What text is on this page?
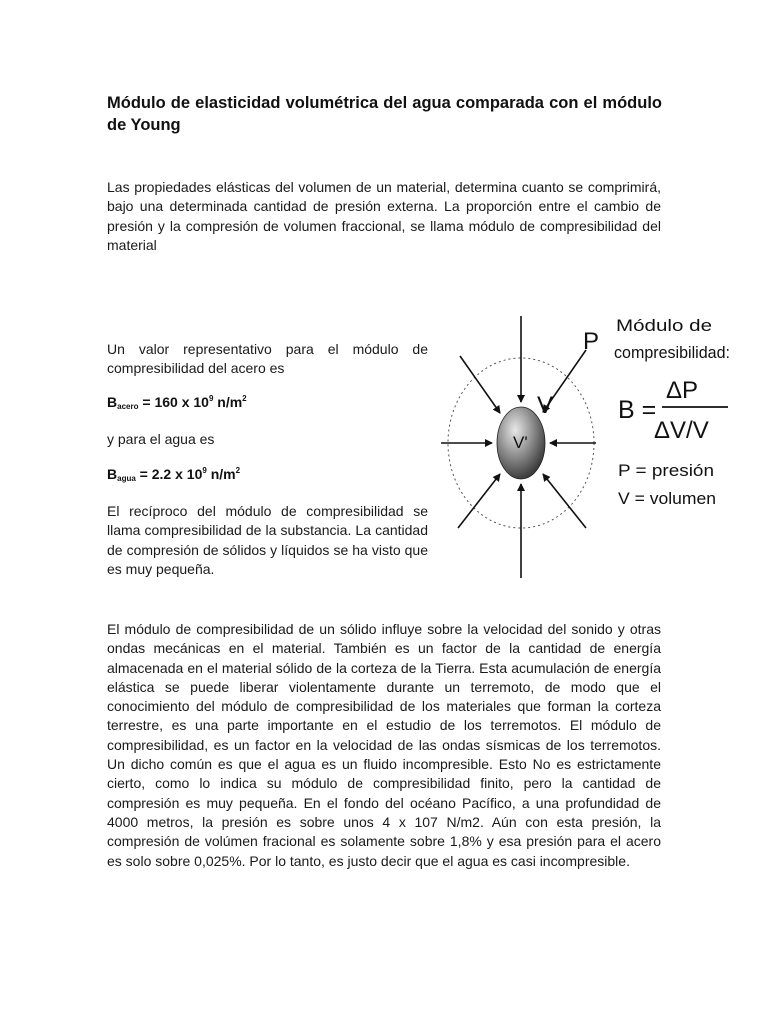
Módulo de elasticidad volumétrica del agua comparada con el módulo de Young

Las propiedades elásticas del volumen de un material, determina cuanto se comprimirá, bajo una determinada cantidad de presión externa. La proporción entre el cambio de presión y la compresión de volumen fraccional, se llama módulo de compresibilidad del material

Un valor representativo para el módulo de compresibilidad del acero es

$B_{acero} = 160$ x $10^9$ $n/m^2$

y para el agua es

$B_{agua} = 2.2$ x $10^9$ $n/m^2$

El recíproco del módulo de compresibilidad se llama compresibilidad de la substancia. La cantidad de compresión de sólidos y líquidos se ha visto que es muy pequeña.

P
V
V'
Módulo de
compresibilidad:
B =
ΔP
ΔV/V
P = presión
V = volumen

El módulo de compresibilidad de un sólido influye sobre la velocidad del sonido y otras ondas mecánicas en el material. También es un factor de la cantidad de energía almacenada en el material sólido de la corteza de la Tierra. Esta acumulación de energía elástica se puede liberar violentamente durante un terremoto, de modo que el conocimiento del módulo de compresibilidad de los materiales que forman la corteza terrestre, es una parte importante en el estudio de los terremotos. El módulo de compresibilidad, es un factor en la velocidad de las ondas sísmicas de los terremotos. Un dicho común es que el agua es un fluido incompresible. Esto No es estrictamente cierto, como lo indica su módulo de compresibilidad finito, pero la cantidad de compresión es muy pequeña. En el fondo del océano Pacífico, a una profundidad de 4000 metros, la presión es sobre unos 4 x 107 N/m2. Aún con esta presión, la compresión de volúmen fracional es solamente sobre 1,8% y esa presión para el acero es solo sobre 0,025%. Por lo tanto, es justo decir que el agua es casi incompresible.
